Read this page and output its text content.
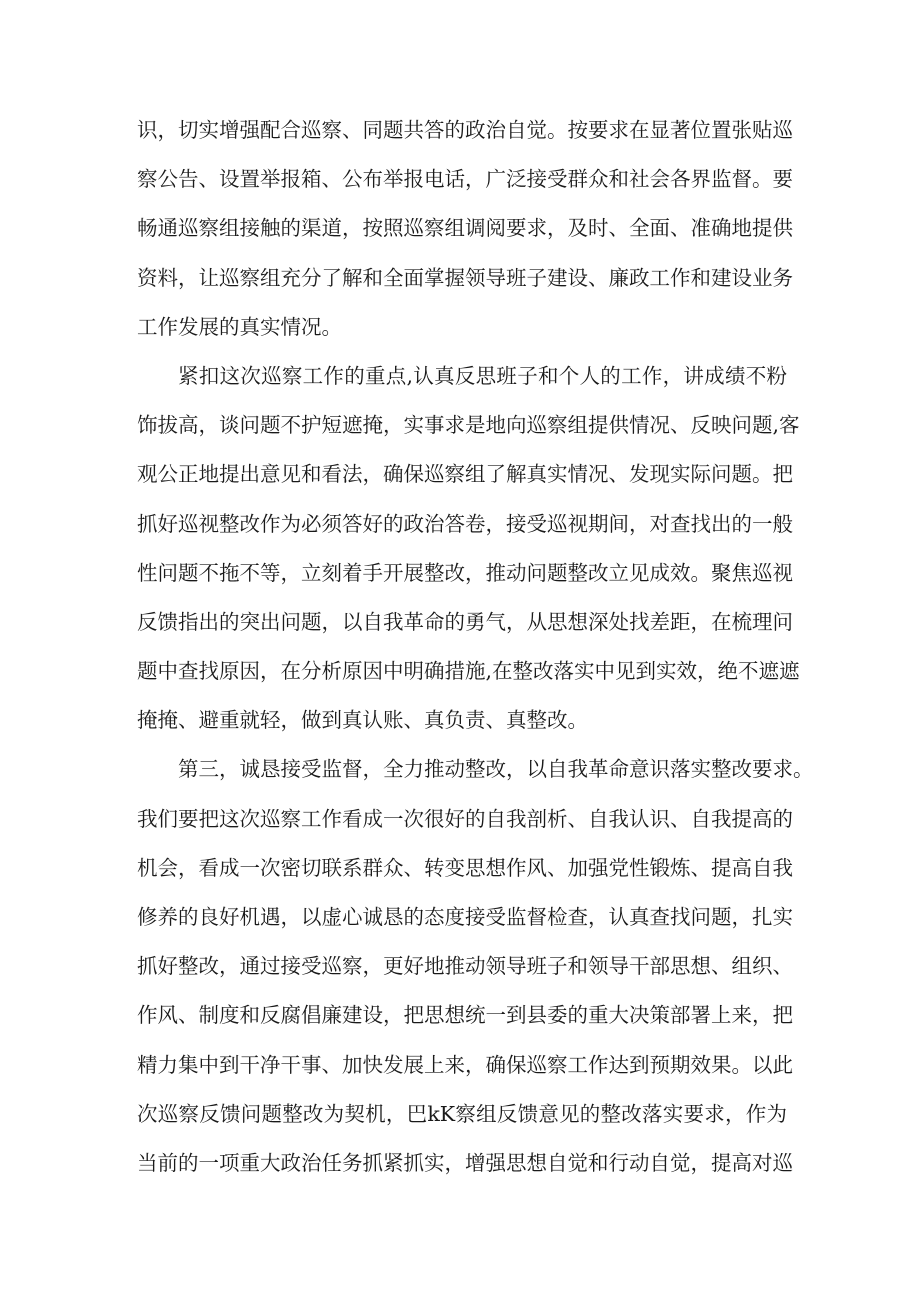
识，切实增强配合巡察、同题共答的政治自觉。按要求在显著位置张贴巡
察公告、设置举报箱、公布举报电话，广泛接受群众和社会各界监督。要
畅通巡察组接触的渠道，按照巡察组调阅要求，及时、全面、准确地提供
资料，让巡察组充分了解和全面掌握领导班子建设、廉政工作和建设业务
工作发展的真实情况。
紧扣这次巡察工作的重点,认真反思班子和个人的工作，讲成绩不粉
饰拔高，谈问题不护短遮掩，实事求是地向巡察组提供情况、反映问题,客
观公正地提出意见和看法，确保巡察组了解真实情况、发现实际问题。把
抓好巡视整改作为必须答好的政治答卷，接受巡视期间，对查找出的一般
性问题不拖不等，立刻着手开展整改，推动问题整改立见成效。聚焦巡视
反馈指出的突出问题，以自我革命的勇气，从思想深处找差距，在梳理问
题中查找原因，在分析原因中明确措施,在整改落实中见到实效，绝不遮遮
掩掩、避重就轻，做到真认账、真负责、真整改。
第三，诚恳接受监督，全力推动整改，以自我革命意识落实整改要求。
我们要把这次巡察工作看成一次很好的自我剖析、自我认识、自我提高的
机会，看成一次密切联系群众、转变思想作风、加强党性锻炼、提高自我
修养的良好机遇，以虚心诚恳的态度接受监督检查，认真查找问题，扎实
抓好整改，通过接受巡察，更好地推动领导班子和领导干部思想、组织、
作风、制度和反腐倡廉建设，把思想统一到县委的重大决策部署上来，把
精力集中到干净干事、加快发展上来，确保巡察工作达到预期效果。以此
次巡察反馈问题整改为契机，巴kK察组反馈意见的整改落实要求，作为
当前的一项重大政治任务抓紧抓实，增强思想自觉和行动自觉，提高对巡
